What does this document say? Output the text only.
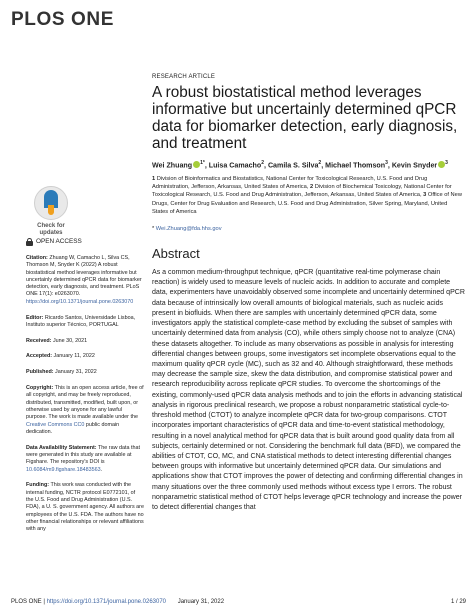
PLOS ONE
Check for
updates
RESEARCH ARTICLE
A robust biostatistical method leverages informative but uncertainly determined qPCR data for biomarker detection, early diagnosis, and treatment
Wei Zhuang $^{1*}$, Luisa Camacho$^2$, Camila S. Silva$^2$, Michael Thomson$^3$, Kevin Snyder $^3$

1 Division of Bioinformatics and Biostatistics, National Center for Toxicological Research, U.S. Food and Drug Administration, Jefferson, Arkansas, United States of America, 2 Division of Biochemical Toxicology, National Center for Toxicological Research, U.S. Food and Drug Administration, Jefferson, Arkansas, United States of America, 3 Office of New Drugs, Center for Drug Evaluation and Research, U.S. Food and Drug Administration, Silver Spring, Maryland, United States of America

* Wei.Zhuang@fda.hhs.gov
Abstract

As a common medium-throughput technique, qPCR (quantitative real-time polymerase chain reaction) is widely used to measure levels of nucleic acids. In addition to accurate and complete data, experimenters have unavoidably observed some incomplete and uncertainly determined qPCR data because of intrinsically low overall amounts of biological materials, such as nucleic acids present in biofluids. When there are samples with uncertainly determined qPCR data, some investigators apply the statistical complete-case method by excluding the subset of samples with uncertainly determined data from analysis (CO), while others simply choose not to analyze (CNA) these datasets altogether. To include as many observations as possible in analysis for interesting differential changes between groups, some investigators set incomplete observations equal to the maximum quality qPCR cycle (MC), such as 32 and 40. Although straightforward, these methods may decrease the sample size, skew the data distribution, and compromise statistical power and research reproducibility across replicate qPCR studies. To overcome the shortcomings of the existing, commonly-used qPCR data analysis methods and to join the efforts in advancing statistical analysis in rigorous preclinical research, we propose a robust nonparametric statistical cycle-to-threshold method (CTOT) to analyze incomplete qPCR data for two-group comparisons. CTOT incorporates important characteristics of qPCR data and time-to-event statistical methodology, resulting in a novel analytical method for qPCR data that is built around good quality data from all subjects, certainly determined or not. Considering the benchmark full data (BFD), we compared the abilities of CTOT, CO, MC, and CNA statistical methods to detect interesting differential changes between groups with informative but uncertainly determined qPCR data. Our simulations and applications show that CTOT improves the power of detecting and confirming differential changes in many situations over the three commonly used methods without excess type I errors. The robust nonparametric statistical method of CTOT helps leverage qPCR technology and increase the power to detect differential changes that

OPEN ACCESS

Citation: Zhuang W, Camacho L, Silva CS, Thomson M, Snyder K (2022) A robust biostatistical method leverages informative but uncertainly determined qPCR data for biomarker detection, early diagnosis, and treatment. PLoS ONE 17(1): e0263070. https://doi.org/10.1371/journal.pone.0263070

Editor: Ricardo Santos, Universidade Lisboa, Instituto superior Técnico, PORTUGAL

Received: June 30, 2021

Accepted: January 11, 2022

Published: January 31, 2022

Copyright: This is an open access article, free of all copyright, and may be freely reproduced, distributed, transmitted, modified, built upon, or otherwise used by anyone for any lawful purpose. The work is made available under the Creative Commons CC0 public domain dedication.

Data Availability Statement: The raw data that were generated in this study are available at Figshare. The repository's DOI is 10.6084/m9.figshare.18483563.

Funding: This work was conducted with the internal funding, NCTR protocol E0772101, of the U.S. Food and Drug Administration (U.S. FDA), a U. S. government agency. All authors are employees of the U.S. FDA. The authors have no other financial relationships or relevant affiliations with any

PLOS ONE | https://doi.org/10.1371/journal.pone.0263070 January 31, 2022	1 / 29
